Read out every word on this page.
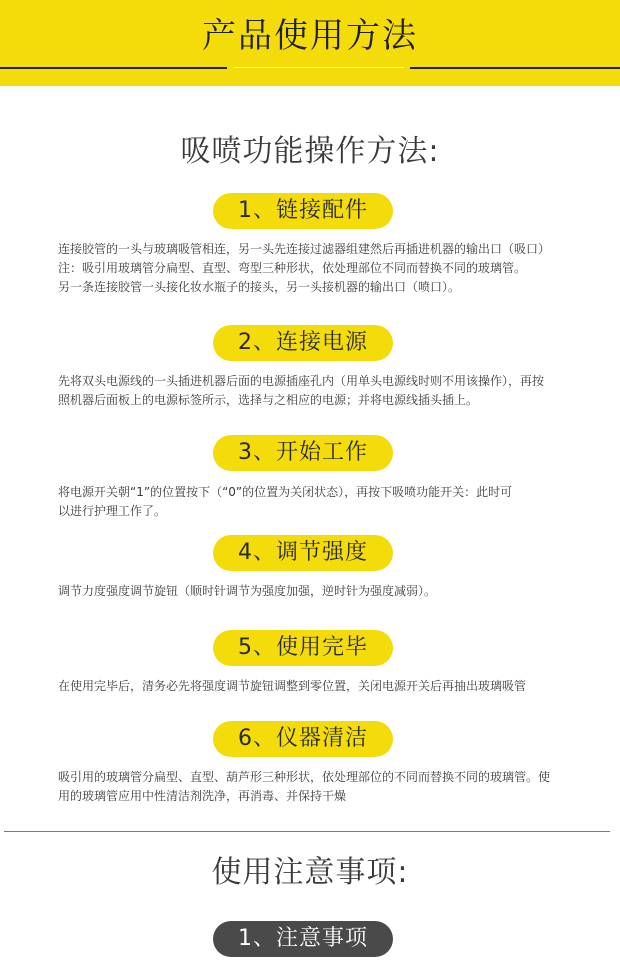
产品使用方法
吸喷功能操作方法:
1、链接配件

连接胶管的一头与玻璃吸管相连，另一头先连接过滤器组建然后再插进机器的输出口（吸口）

注：吸引用玻璃管分扁型、直型、弯型三种形状，依处理部位不同而替换不同的玻璃管。

另一条连接胶管一头接化妆水瓶子的接头，另一头接机器的输出口（喷口）。

2、连接电源

先将双头电源线的一头插进机器后面的电源插座孔内（用单头电源线时则不用该操作），再按

照机器后面板上的电源标签所示，选择与之相应的电源；并将电源线插头插上。

3、开始工作

将电源开关朝“1”的位置按下（“0”的位置为关闭状态），再按下吸喷功能开关：此时可

以进行护理工作了。

4、调节强度

调节力度强度调节旋钮（顺时针调节为强度加强，逆时针为强度减弱）。

5、使用完毕

在使用完毕后，清务必先将强度调节旋钮调整到零位置，关闭电源开关后再抽出玻璃吸管

6、仪器清洁

吸引用的玻璃管分扁型、直型、葫芦形三种形状，依处理部位的不同而替换不同的玻璃管。使

用的玻璃管应用中性清洁剂洗净，再消毒、并保持干燥

使用注意事项:
1、注意事项
